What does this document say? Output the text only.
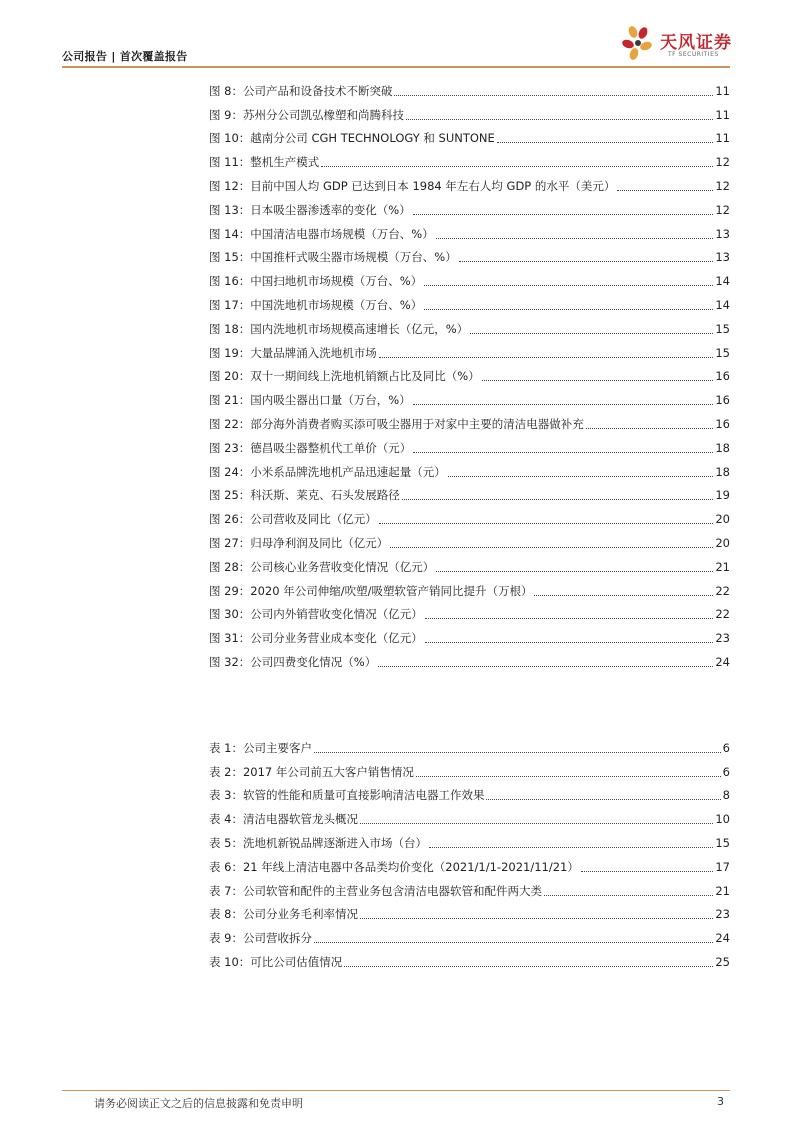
公司报告 | 首次覆盖报告
天风证券
TF SECURITIES
图 8： 公司产品和设备技术不断突破	11
图 9： 苏州分公司凯弘橡塑和尚腾科技	11
图 10： 越南分公司 CGH TECHNOLOGY 和 SUNTONE	11
图 11： 整机生产模式	12
图 12： 目前中国人均 GDP 已达到日本 1984 年左右人均 GDP 的水平（美元）	12
图 13： 日本吸尘器渗透率的变化（%）	12
图 14： 中国清洁电器市场规模（万台、%）	13
图 15： 中国推杆式吸尘器市场规模（万台、%）	13
图 16： 中国扫地机市场规模（万台、%）	14
图 17： 中国洗地机市场规模（万台、%）	14
图 18： 国内洗地机市场规模高速增长（亿元，%）	15
图 19： 大量品牌涌入洗地机市场	15
图 20： 双十一期间线上洗地机销额占比及同比（%）	16
图 21： 国内吸尘器出口量（万台，%）	16
图 22： 部分海外消费者购买添可吸尘器用于对家中主要的清洁电器做补充	16
图 23： 德昌吸尘器整机代工单价（元）	18
图 24： 小米系品牌洗地机产品迅速起量（元）	18
图 25： 科沃斯、莱克、石头发展路径	19
图 26： 公司营收及同比（亿元）	20
图 27： 归母净利润及同比（亿元）	20
图 28： 公司核心业务营收变化情况（亿元）	21
图 29： 2020 年公司伸缩/吹塑/吸塑软管产销同比提升（万根）	22
图 30： 公司内外销营收变化情况（亿元）	22
图 31： 公司分业务营业成本变化（亿元）	23
图 32： 公司四费变化情况（%）	24
表 1： 公司主要客户	6
表 2： 2017 年公司前五大客户销售情况	6
表 3： 软管的性能和质量可直接影响清洁电器工作效果	8
表 4： 清洁电器软管龙头概况	10
表 5： 洗地机新锐品牌逐渐进入市场（台）	15
表 6： 21 年线上清洁电器中各品类均价变化（2021/1/1-2021/11/21）	17
表 7： 公司软管和配件的主营业务包含清洁电器软管和配件两大类	21
表 8： 公司分业务毛利率情况	23
表 9： 公司营收拆分	24
表 10： 可比公司估值情况	25
请务必阅读正文之后的信息披露和免责申明	3
